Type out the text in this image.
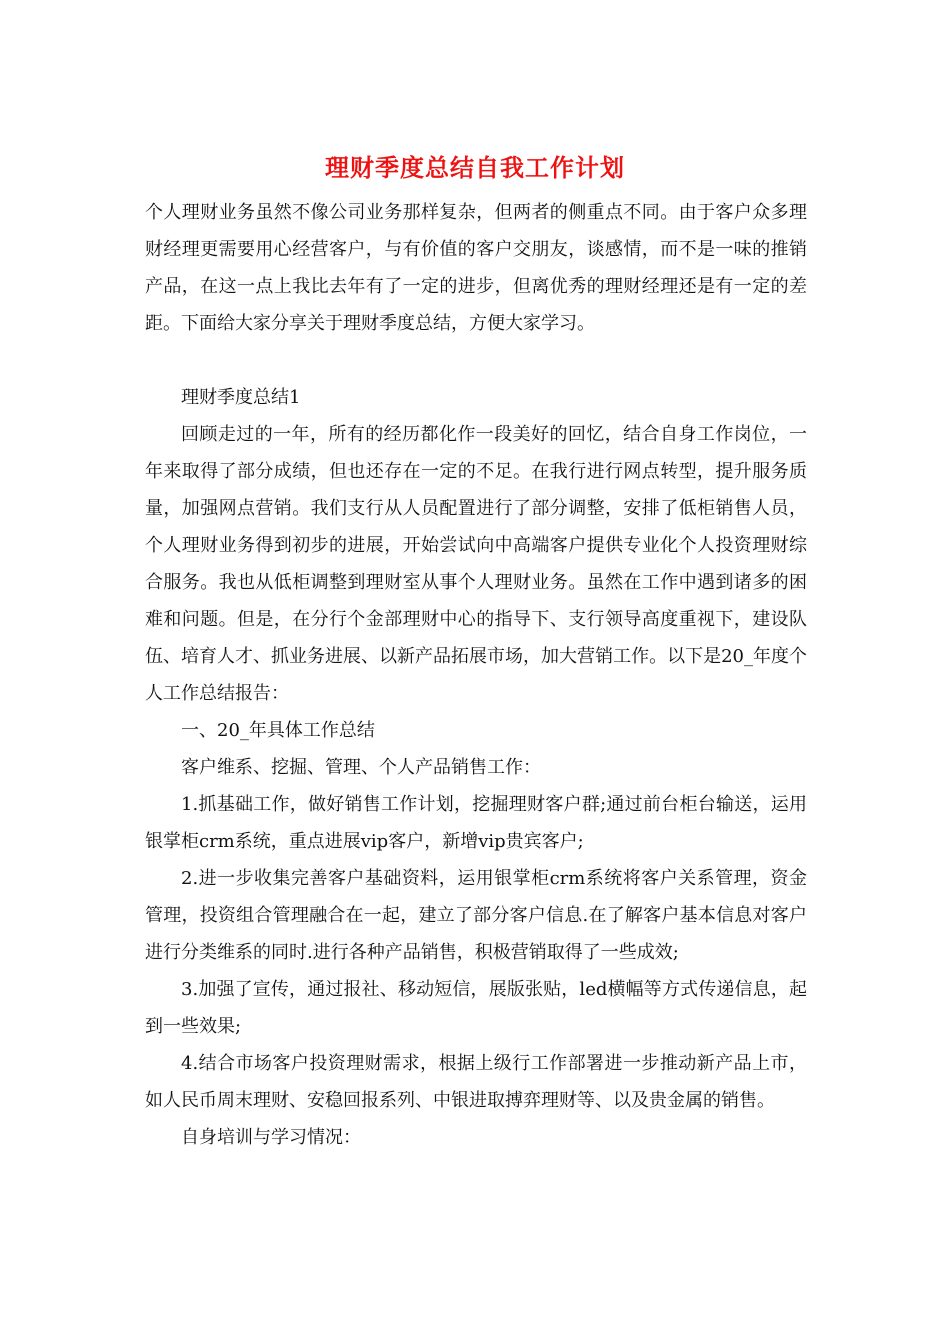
理财季度总结自我工作计划

个人理财业务虽然不像公司业务那样复杂，但两者的侧重点不同。由于客户众多理财经理更需要用心经营客户，与有价值的客户交朋友，谈感情，而不是一味的推销产品，在这一点上我比去年有了一定的进步，但离优秀的理财经理还是有一定的差距。下面给大家分享关于理财季度总结，方便大家学习。

理财季度总结1

回顾走过的一年，所有的经历都化作一段美好的回忆，结合自身工作岗位，一年来取得了部分成绩，但也还存在一定的不足。在我行进行网点转型，提升服务质量，加强网点营销。我们支行从人员配置进行了部分调整，安排了低柜销售人员，个人理财业务得到初步的进展，开始尝试向中高端客户提供专业化个人投资理财综合服务。我也从低柜调整到理财室从事个人理财业务。虽然在工作中遇到诸多的困难和问题。但是，在分行个金部理财中心的指导下、支行领导高度重视下，建设队伍、培育人才、抓业务进展、以新产品拓展市场，加大营销工作。以下是20_年度个人工作总结报告：

一、20_年具体工作总结

客户维系、挖掘、管理、个人产品销售工作：

1.抓基础工作，做好销售工作计划，挖掘理财客户群;通过前台柜台输送，运用银掌柜crm系统，重点进展vip客户，新增vip贵宾客户;

2.进一步收集完善客户基础资料，运用银掌柜crm系统将客户关系管理，资金管理，投资组合管理融合在一起，建立了部分客户信息.在了解客户基本信息对客户进行分类维系的同时.进行各种产品销售，积极营销取得了一些成效;

3.加强了宣传，通过报社、移动短信，展版张贴，led横幅等方式传递信息，起到一些效果;

4.结合市场客户投资理财需求，根据上级行工作部署进一步推动新产品上市，如人民币周末理财、安稳回报系列、中银进取搏弈理财等、以及贵金属的销售。

自身培训与学习情况：
